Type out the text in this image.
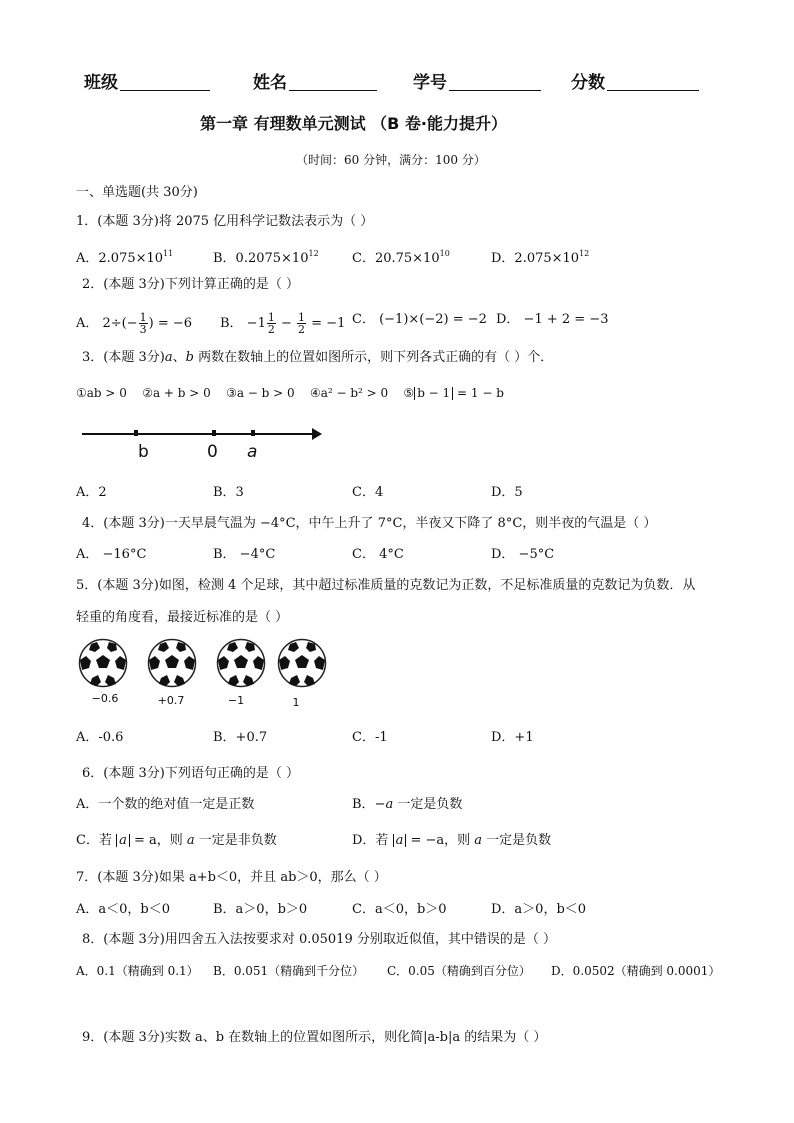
班级	姓名	学号	分数
第一章 有理数单元测试 （B 卷·能力提升）
（时间：60 分钟，满分：100 分）
一、单选题(共 30分)
1．(本题 3分)将 2075 亿用科学记数法表示为（ ）
A．$2.075\times 10^{11}$	B．$0.2075\times 10^{12}$	C．$20.75\times 10^{10}$	D．$2.075\times 10^{12}$
2．(本题 3分)下列计算正确的是（ ）
A． $2\div(- \frac{1}{3}$ ) = −6 B． $-1 \frac{1}{2} - \frac{1}{2} = -1$ C． (−1)×(−2) = −2 D． −1 + 2 = −3
3．(本题 3分)a、b 两数在数轴上的位置如图所示，则下列各式正确的有（ ）个．
①ab > 0 ②a + b > 0 ③a − b > 0 ④a² − b² > 0 ⑤ b − 1 = 1 − b
b	0 a
A．2	B．3	C．4	D．5
4．(本题 3分)一天早晨气温为 −4°C，中午上升了 7°C，半夜又下降了 8°C，则半夜的气温是（ ）
A． −16°C	B． −4°C	C． 4°C	D． −5°C
5．(本题 3分)如图，检测 4 个足球，其中超过标准质量的克数记为正数，不足标准质量的克数记为负数．从
轻重的角度看，最接近标准的是（ ）
−0.6	+0.7	−1	1
A．-0.6	B．+0.7	C．-1	D．+1
6．(本题 3分)下列语句正确的是（ ）
A．一个数的绝对值一定是正数	B．−a 一定是负数
C．若 a = a，则 a 一定是非负数	D．若 a = −a，则 a 一定是负数
7．(本题 3分)如果 a+b＜0，并且 ab＞0，那么（ ）
A．a＜0，b＜0	B．a＞0，b＞0	C．a＜0，b＞0	D．a＞0，b＜0
8．(本题 3分)用四舍五入法按要求对 0.05019 分别取近似值，其中错误的是（ ）
A．0.1（精确到 0.1） B．0.051（精确到千分位） C．0.05（精确到百分位） D．0.0502（精确到 0.0001）
9．(本题 3分)实数 a、b 在数轴上的位置如图所示，则化简|a-b|a 的结果为（ ）
